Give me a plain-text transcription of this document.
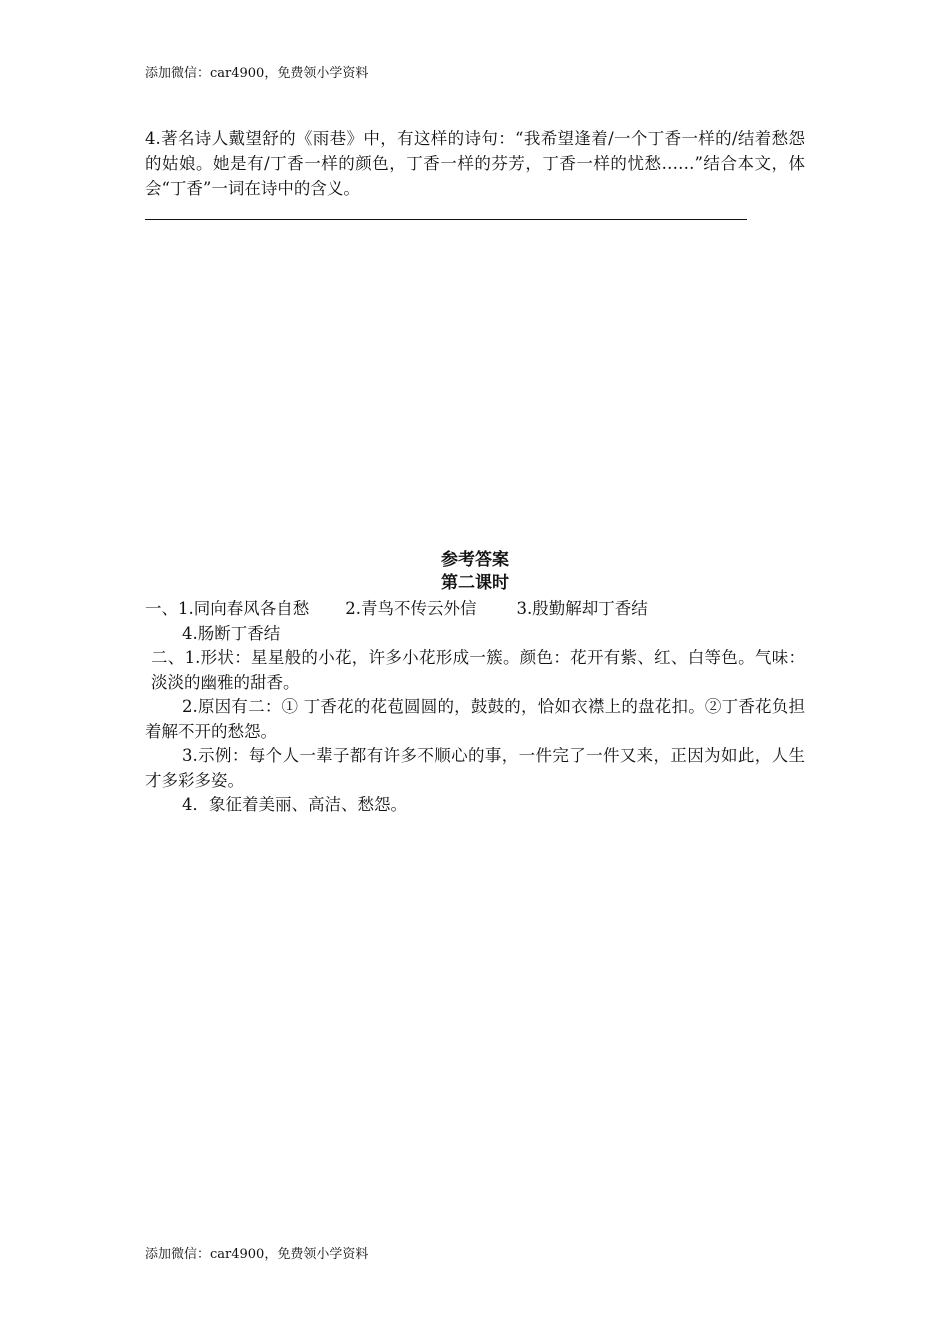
添加微信：car4900，免费领小学资料
4.著名诗人戴望舒的《雨巷》中，有这样的诗句：“我希望逢着/一个丁香一样的/结着愁怨的姑娘。她是有/丁香一样的颜色，丁香一样的芬芳，丁香一样的忧愁……”结合本文，体会“丁香”一词在诗中的含义。
参考答案
第二课时
一、1.同向春风各自愁 2.青鸟不传云外信 3.殷勤解却丁香结
4.肠断丁香结
二、1.形状：星星般的小花，许多小花形成一簇。颜色：花开有紫、红、白等色。气味：淡淡的幽雅的甜香。
2.原因有二：① 丁香花的花苞圆圆的，鼓鼓的，恰如衣襟上的盘花扣。②丁香花负担着解不开的愁怨。
3.示例：每个人一辈子都有许多不顺心的事，一件完了一件又来，正因为如此，人生才多彩多姿。
4．象征着美丽、高洁、愁怨。
添加微信：car4900，免费领小学资料
